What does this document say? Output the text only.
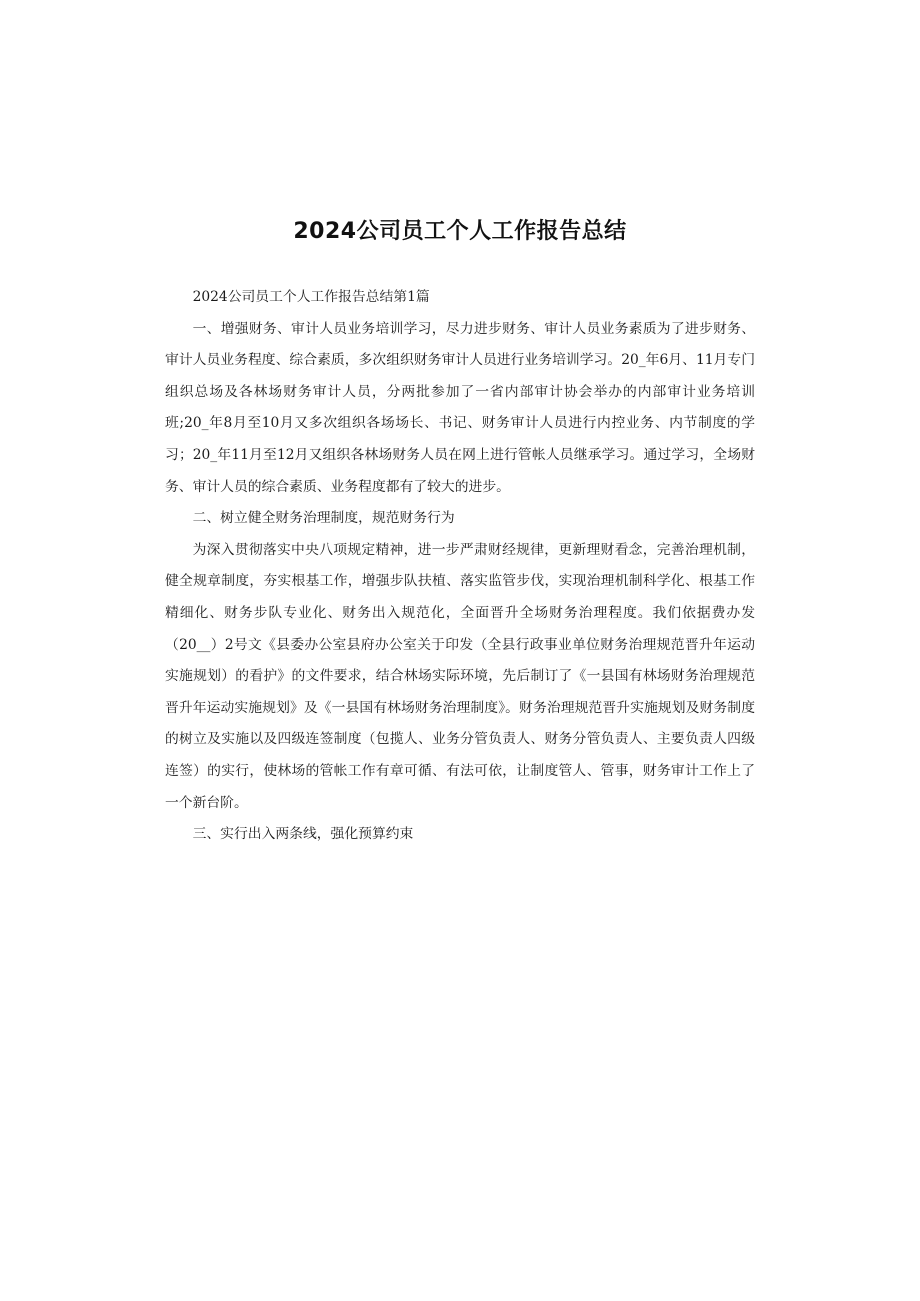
2024公司员工个人工作报告总结

2024公司员工个人工作报告总结第1篇

一、增强财务、审计人员业务培训学习，尽力进步财务、审计人员业务素质为了进步财务、审计人员业务程度、综合素质，多次组织财务审计人员进行业务培训学习。20_年6月、11月专门组织总场及各林场财务审计人员，分两批参加了一省内部审计协会举办的内部审计业务培训班;20_年8月至10月又多次组织各场场长、书记、财务审计人员进行内控业务、内节制度的学习；20_年11月至12月又组织各林场财务人员在网上进行管帐人员继承学习。通过学习，全场财务、审计人员的综合素质、业务程度都有了较大的进步。

二、树立健全财务治理制度，规范财务行为

为深入贯彻落实中央八项规定精神，进一步严肃财经规律，更新理财看念，完善治理机制，健全规章制度，夯实根基工作，增强步队扶植、落实监管步伐，实现治理机制科学化、根基工作精细化、财务步队专业化、财务出入规范化，全面晋升全场财务治理程度。我们依据费办发（20__）2号文《县委办公室县府办公室关于印发（全县行政事业单位财务治理规范晋升年运动实施规划）的看护》的文件要求，结合林场实际环境，先后制订了《一县国有林场财务治理规范晋升年运动实施规划》及《一县国有林场财务治理制度》。财务治理规范晋升实施规划及财务制度的树立及实施以及四级连签制度（包揽人、业务分管负责人、财务分管负责人、主要负责人四级连签）的实行，使林场的管帐工作有章可循、有法可依，让制度管人、管事，财务审计工作上了一个新台阶。

三、实行出入两条线，强化预算约束
